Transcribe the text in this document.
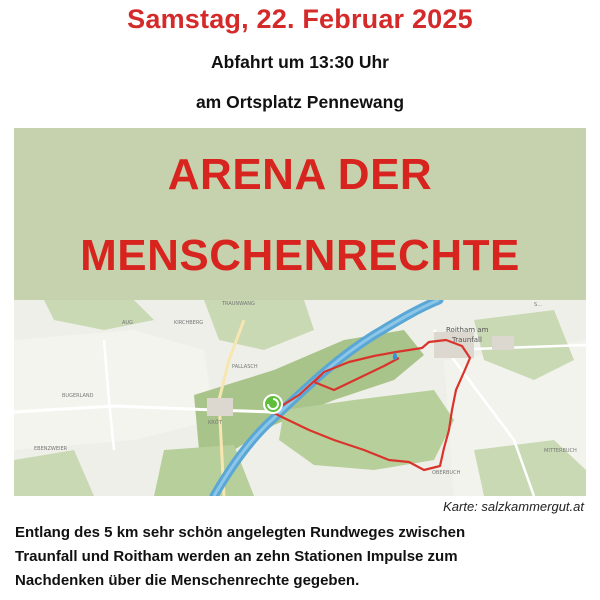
Samstag, 22. Februar 2025
Abfahrt um 13:30 Uhr
am Ortsplatz Pennewang
ARENA DER
MENSCHENRECHTE
TRAUNWANG
KIRCHBERG
AUG
Roitham am
Traunfall
PALLASCH
BUGERLAND
EBENZWEIER
KRÖT
OBERBUCH
MITTERBUCH
S...
Karte: salzkammergut.at
Entlang des 5 km sehr schön angelegten Rundweges zwischen
Traunfall und Roitham werden an zehn Stationen Impulse zum
Nachdenken über die Menschenrechte gegeben.
